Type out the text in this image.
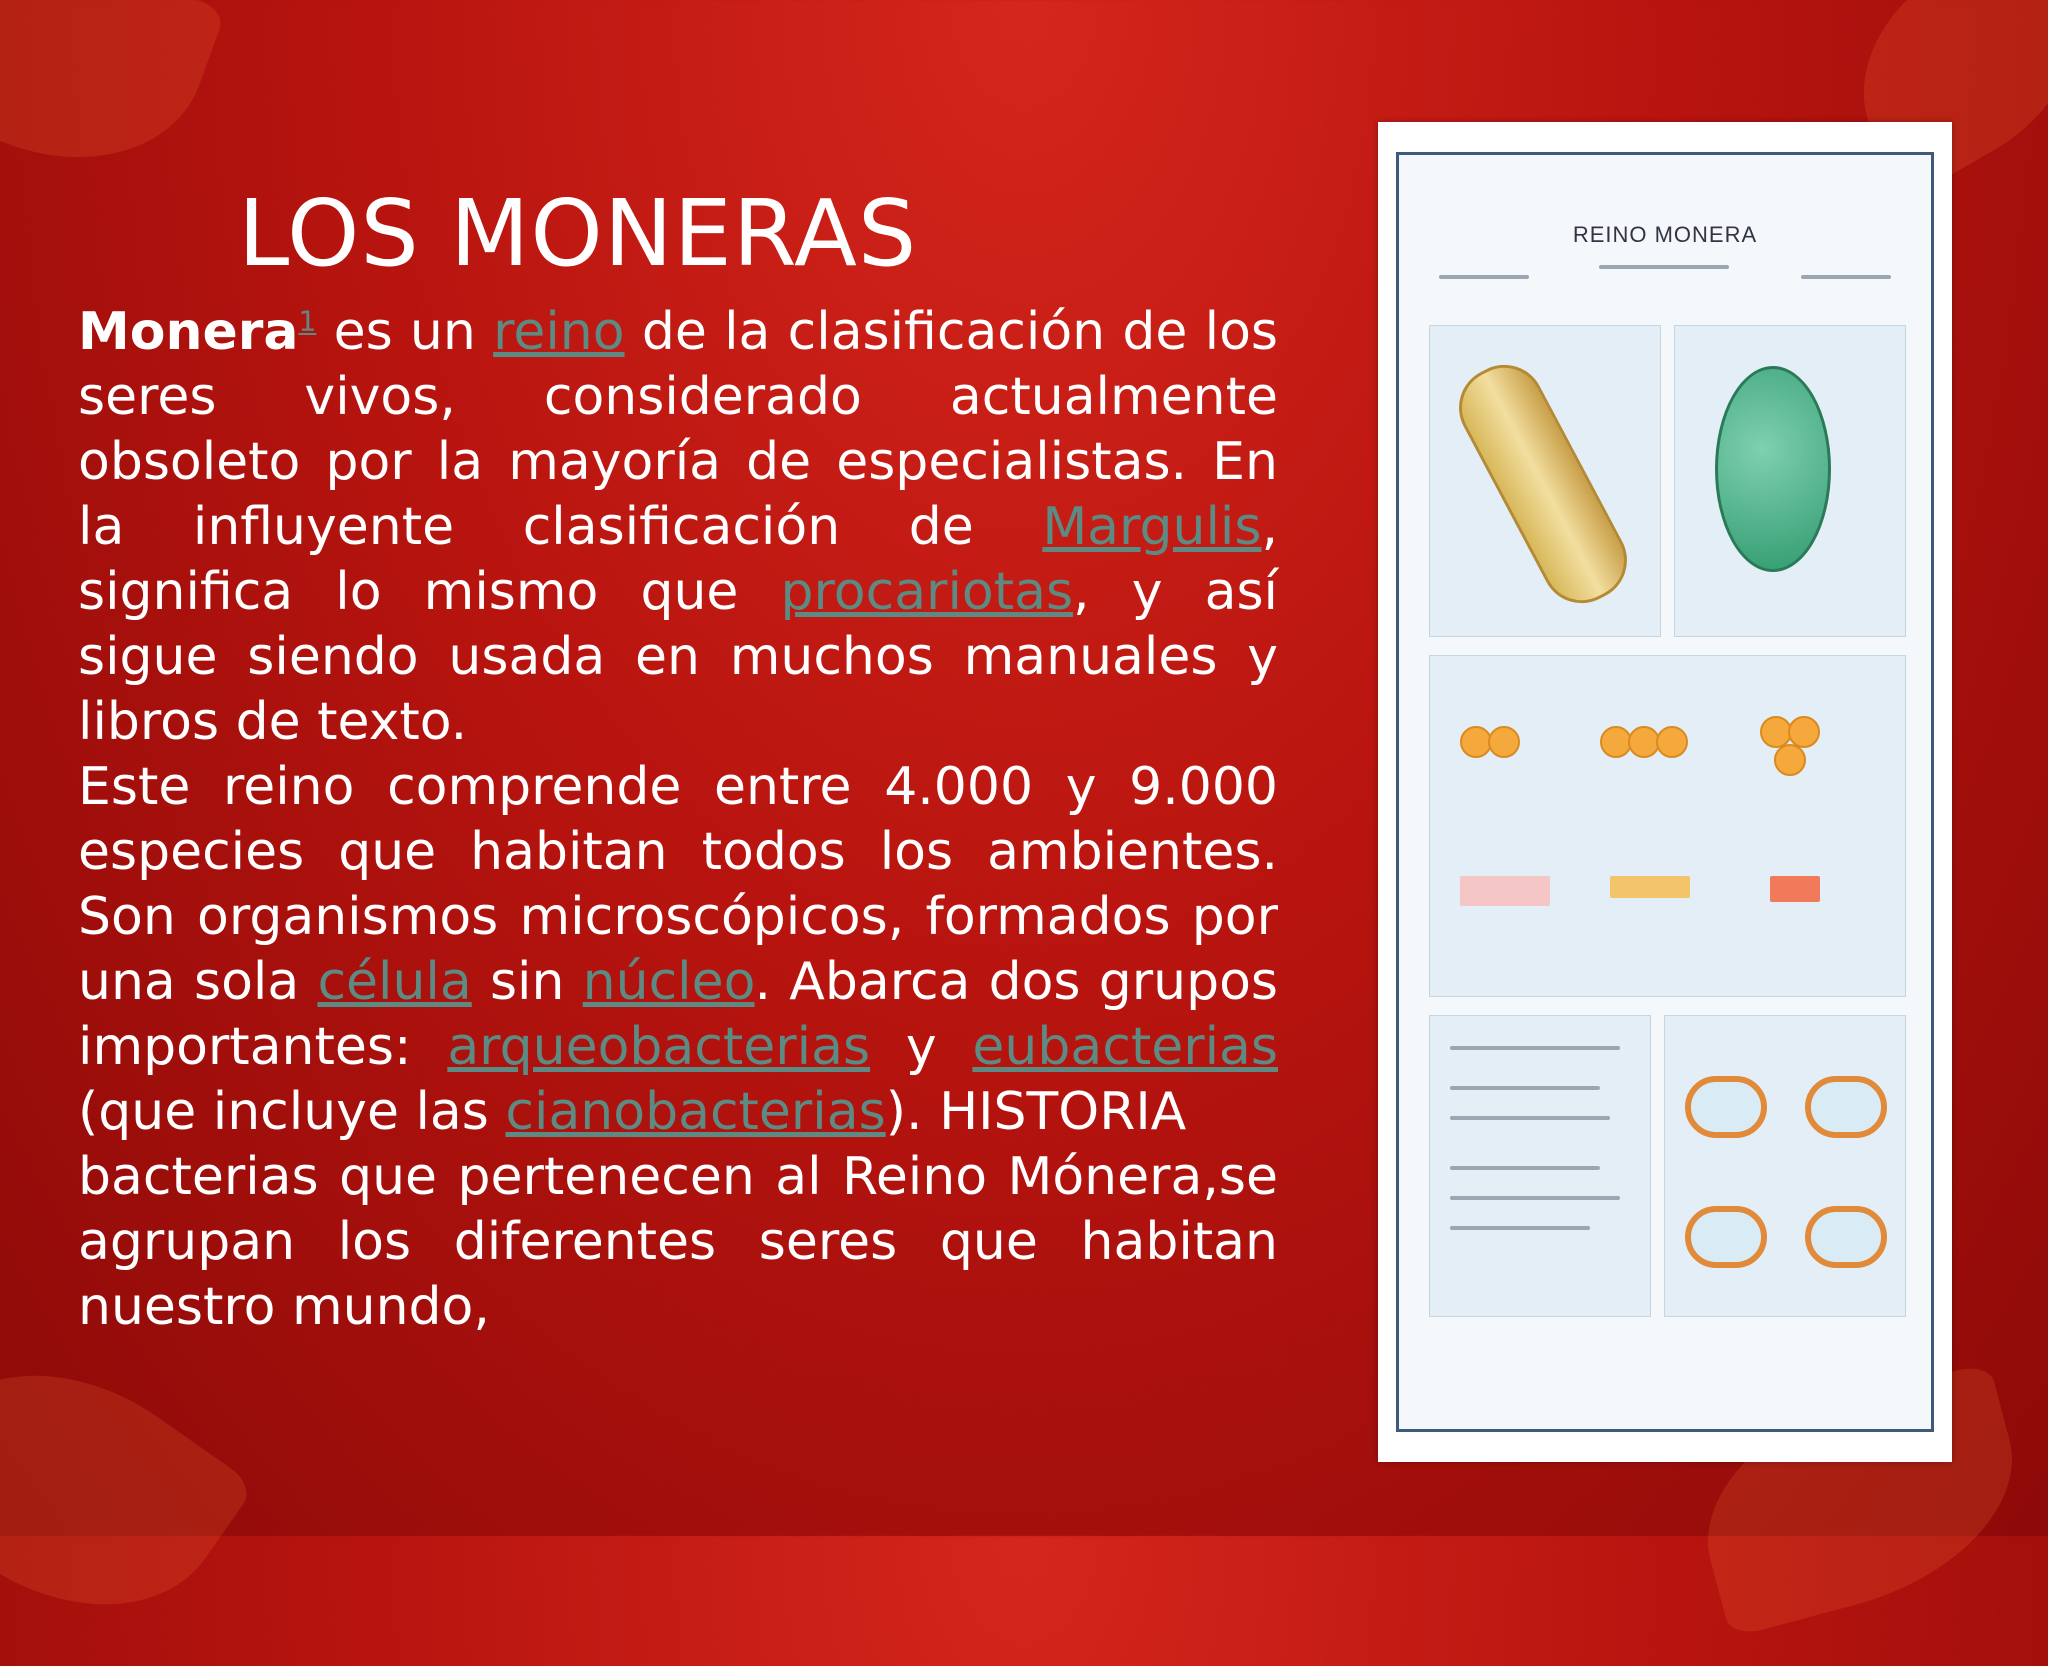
LOS MONERAS

Monera$^1$ es un reino de la clasificación de los seres vivos, considerado actualmente obsoleto por la mayoría de especialistas. En la influyente clasificación de Margulis, significa lo mismo que procariotas, y así sigue siendo usada en muchos manuales y libros de texto.

Este reino comprende entre 4.000 y 9.000 especies que habitan todos los ambientes. Son organismos microscópicos, formados por una sola célula sin núcleo. Abarca dos grupos importantes: arqueobacterias y eubacterias (que incluye las cianobacterias). HISTORIA

bacterias que pertenecen al Reino Mónera,se agrupan los diferentes seres que habitan nuestro mundo,

REINO MONERA
